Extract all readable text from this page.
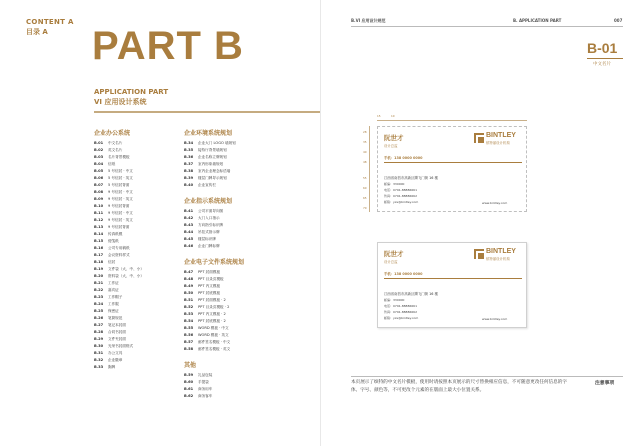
CONTENT A
目录 A PART B
APPLICATION PART
VI 应用设计系统
企业办公系统
B.01	中文名片
B.02	英文名片
B.03	名片背景模板
B.04	信纸
B.05	5 号信封 · 中文
B.06	5 号信封 · 英文
B.07	5 号信封背面
B.08	9 号信封 · 中文
B.09	9 号信封 · 英文
B.10	9 号信封背面
B.11	9 号信封 · 中文
B.12	9 号信封 · 英文
B.13	9 号信封背面
B.14	传真纸模
B.15	便笺纸
B.16	公司专用稿纸
B.17	会议资料样式
B.18	信封
B.19	文件袋（大、中、小）
B.20	资料袋（大、中、小）
B.21	工作证
B.22	嘉宾证
B.23	工作帽子
B.24	工作服
B.25	保密证
B.26	笔筒规范
B.27	笔记本封面
B.28	合同书封面
B.29	文件夹封面
B.30	光荣书封面格式
B.31	办公文具
B.32	企业徽章
B.33	胸牌
企业环境系统规划
B.34	企业大门 LOGO 墙规划
B.35	接待厅背景墙规划
B.36	企业名称立牌规划
B.37	室内形象墙规划
B.38	室内企业理念标语墙
B.39	楼层门牌导示规划
B.40	企业宣传栏
企业指示系统规划
B.41	公司平面导向图
B.42	大门入口指示
B.43	方向指引标识牌
B.44	吊挂式指示牌
B.45	楼层标识牌
B.46	企业门牌标牌
企业电子文件系统规划
B.47	PPT 封面模板
B.48	PPT 目录页模板
B.49	PPT 内文模板
B.50	PPT 封底模板
B.51	PPT 封面模板 · 2
B.52	PPT 目录页模板 · 2
B.53	PPT 内文模板 · 2
B.54	PPT 封底模板 · 2
B.55	WORD 模板 · 中文
B.56	WORD 模板 · 英文
B.57	邮件签名模板 · 中文
B.58	邮件签名模板 · 英文
其他
B.59	礼品包装
B.60	手提袋
B.61	商务用车
B.62	商务客车
B.VI 应用设计规范	B. APPLICATION PART	007
B-01
中文名片
15	10
28
35
40
48
55
60
65
70
阮世才
设计总监
BINTLEY
缤特丽设计机构
手机：138 0000 0000
江西省南昌市高新区腾飞门街 16 楼
邮编：330000
电话：0791-88886661
传真：0791-88886662
邮箱：yxs@bintley.com	www.bintley.com
阮世才
设计总监
BINTLEY
缤特丽设计机构
手机：138 0000 0000
江西省南昌市高新区腾飞门街 16 楼
邮编：330000
电话：0791-88886661
传真：0791-88886662
邮箱：yxs@bintley.com	www.bintley.com
本页展示了缤特的中文名片模板，使用时请按照本页展示的尺寸替换相应信息，不可随意更改任何信息的字体、字号、颜色等，不可更改个元素的在版面上最大小位置关系。
注意事项
